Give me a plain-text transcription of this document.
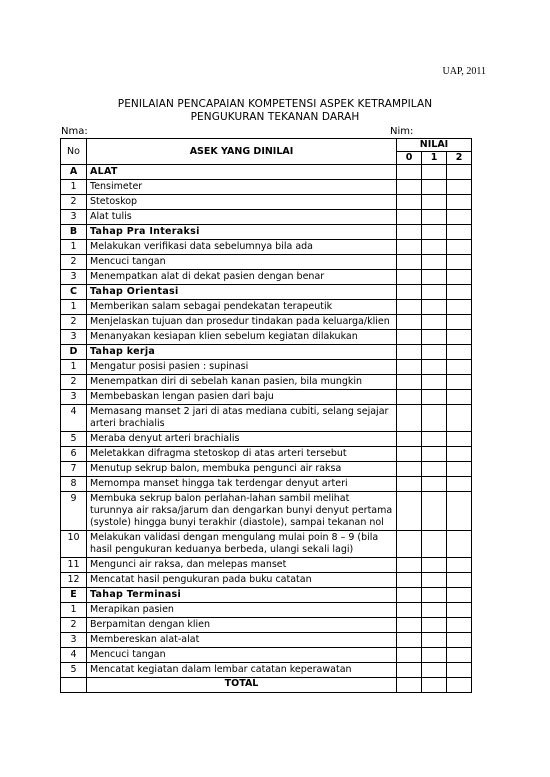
UAP, 2011
PENILAIAN PENCAPAIAN KOMPETENSI ASPEK KETRAMPILAN
PENGUKURAN TEKANAN DARAH
Nma:	Nim:
No	ASEK YANG DINILAI	NILAI		
		0	1	2
A	ALAT			
1	Tensimeter			
2	Stetoskop			
3	Alat tulis			
B	Tahap Pra Interaksi			
1	Melakukan verifikasi data sebelumnya bila ada			
2	Mencuci tangan			
3	Menempatkan alat di dekat pasien dengan benar			
C	Tahap Orientasi			
1	Memberikan salam sebagai pendekatan terapeutik			
2	Menjelaskan tujuan dan prosedur tindakan pada keluarga/klien			
3	Menanyakan kesiapan klien sebelum kegiatan dilakukan			
D	Tahap kerja			
1	Mengatur posisi pasien : supinasi			
2	Menempatkan diri di sebelah kanan pasien, bila mungkin			
3	Membebaskan lengan pasien dari baju			
4	Memasang manset 2 jari di atas mediana cubiti, selang sejajar arteri brachialis			
5	Meraba denyut arteri brachialis			
6	Meletakkan difragma stetoskop di atas arteri tersebut			
7	Menutup sekrup balon, membuka pengunci air raksa			
8	Memompa manset hingga tak terdengar denyut arteri			
9	Membuka sekrup balon perlahan-lahan sambil melihat turunnya air raksa/jarum dan dengarkan bunyi denyut pertama (systole) hingga bunyi terakhir (diastole), sampai tekanan nol			
10	Melakukan validasi dengan mengulang mulai poin 8 – 9 (bila hasil pengukuran keduanya berbeda, ulangi sekali lagi)			
11	Mengunci air raksa, dan melepas manset			
12	Mencatat hasil pengukuran pada buku catatan			
E	Tahap Terminasi			
1	Merapikan pasien			
2	Berpamitan dengan klien			
3	Membereskan alat-alat			
4	Mencuci tangan			
5	Mencatat kegiatan dalam lembar catatan keperawatan			
	TOTAL			
